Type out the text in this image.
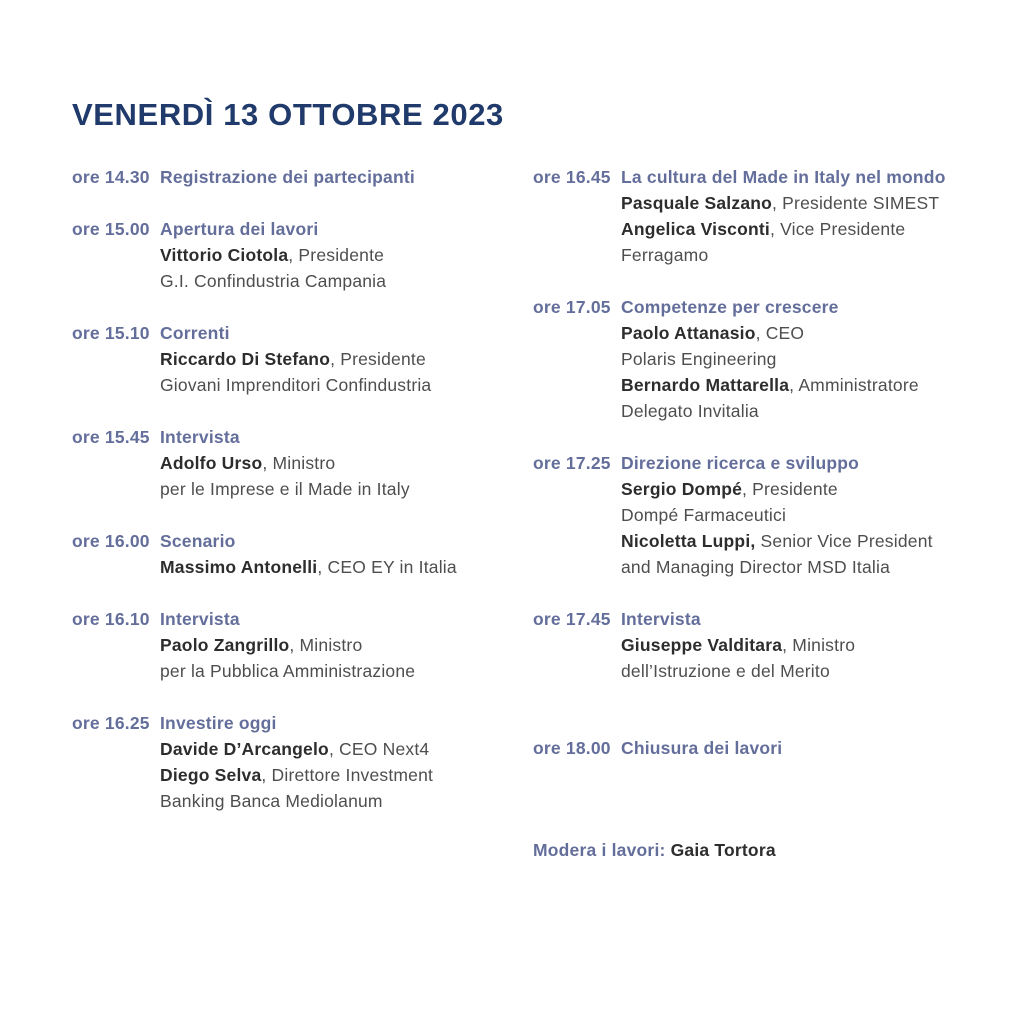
VENERDÌ 13 OTTOBRE 2023
ore 14.30 Registrazione dei partecipanti
ore 15.00 Apertura dei lavori
Vittorio Ciotola, Presidente
G.I. Confindustria Campania
ore 15.10 Correnti
Riccardo Di Stefano, Presidente
Giovani Imprenditori Confindustria
ore 15.45 Intervista
Adolfo Urso, Ministro
per le Imprese e il Made in Italy
ore 16.00 Scenario
Massimo Antonelli, CEO EY in Italia
ore 16.10 Intervista
Paolo Zangrillo, Ministro
per la Pubblica Amministrazione
ore 16.25 Investire oggi
Davide D’Arcangelo, CEO Next4
Diego Selva, Direttore Investment
Banking Banca Mediolanum
ore 16.45 La cultura del Made in Italy nel mondo
Pasquale Salzano, Presidente SIMEST
Angelica Visconti, Vice Presidente
Ferragamo
ore 17.05 Competenze per crescere
Paolo Attanasio, CEO
Polaris Engineering
Bernardo Mattarella, Amministratore
Delegato Invitalia
ore 17.25 Direzione ricerca e sviluppo
Sergio Dompé, Presidente
Dompé Farmaceutici
Nicoletta Luppi, Senior Vice President
and Managing Director MSD Italia
ore 17.45 Intervista
Giuseppe Valditara, Ministro
dell’Istruzione e del Merito
ore 18.00 Chiusura dei lavori
Modera i lavori: Gaia Tortora
